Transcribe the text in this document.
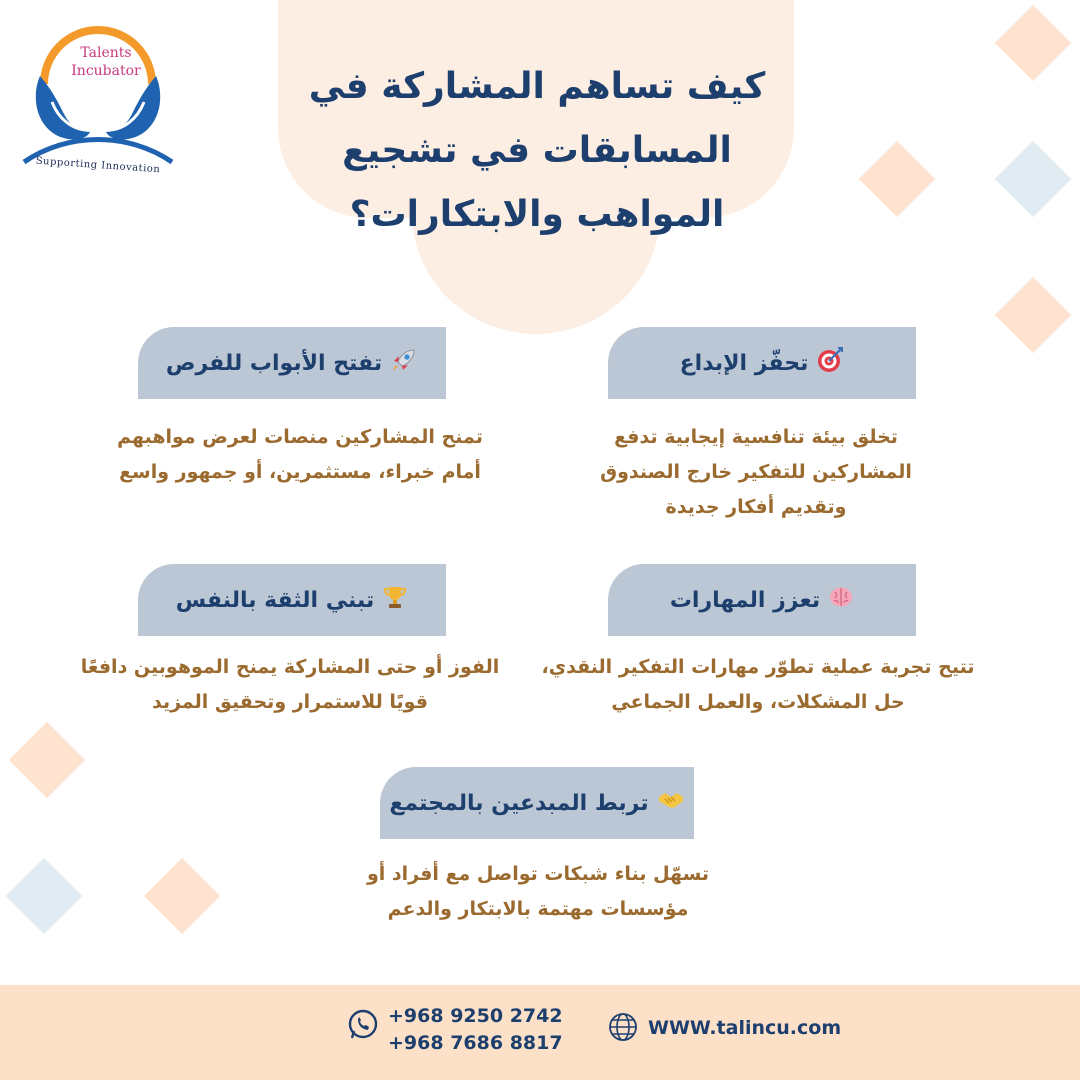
Talents
Incubator
Supporting Innovation
كيف تساهم المشاركة في المسابقات في تشجيع المواهب والابتكارات؟
تحفّز الإبداع
تخلق بيئة تنافسية إيجابية تدفع المشاركين للتفكير خارج الصندوق وتقديم أفكار جديدة
تفتح الأبواب للفرص
تمنح المشاركين منصات لعرض مواهبهم أمام خبراء، مستثمرين، أو جمهور واسع
تعزز المهارات
تتيح تجربة عملية تطوّر مهارات التفكير النقدي، حل المشكلات، والعمل الجماعي
تبني الثقة بالنفس
الفوز أو حتى المشاركة يمنح الموهوبين دافعًا قويًا للاستمرار وتحقيق المزيد
تربط المبدعين بالمجتمع
تسهّل بناء شبكات تواصل مع أفراد أو مؤسسات مهتمة بالابتكار والدعم
+968 9250 2742
+968 7686 8817
WWW.talincu.com
